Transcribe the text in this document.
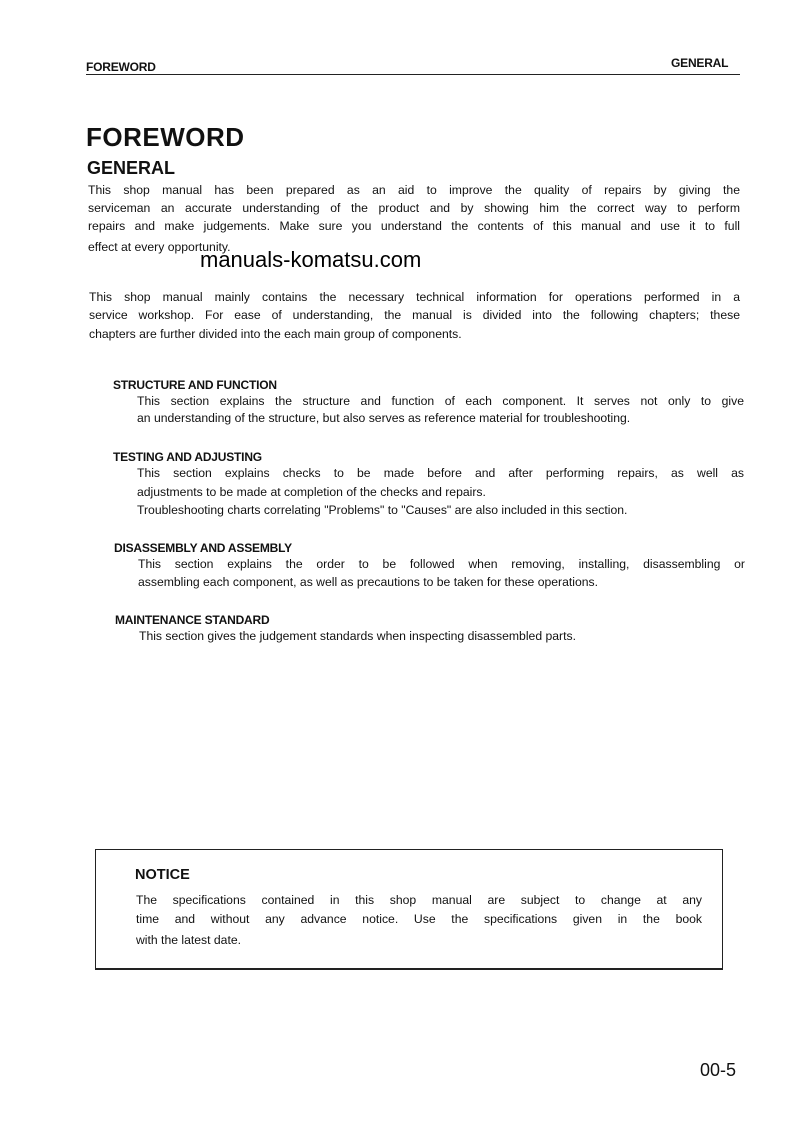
FOREWORD	GENERAL
FOREWORD
GENERAL
This shop manual has been prepared as an aid to improve the quality of repairs by giving the
serviceman an accurate understanding of the product and by showing him the correct way to perform
repairs and make judgements. Make sure you understand the contents of this manual and use it to full
effect at every opportunity.
manuals-komatsu.com
This shop manual mainly contains the necessary technical information for operations performed in a
service workshop. For ease of understanding, the manual is divided into the following chapters; these
chapters are further divided into the each main group of components.
STRUCTURE AND FUNCTION
This section explains the structure and function of each component. It serves not only to give
an understanding of the structure, but also serves as reference material for troubleshooting.
TESTING AND ADJUSTING
This section explains checks to be made before and after performing repairs, as well as
adjustments to be made at completion of the checks and repairs.
Troubleshooting charts correlating "Problems" to "Causes" are also included in this section.
DISASSEMBLY AND ASSEMBLY
This section explains the order to be followed when removing, installing, disassembling or
assembling each component, as well as precautions to be taken for these operations.
MAINTENANCE STANDARD
This section gives the judgement standards when inspecting disassembled parts.
NOTICE
The specifications contained in this shop manual are subject to change at any
time and without any advance notice. Use the specifications given in the book
with the latest date.
00-5
